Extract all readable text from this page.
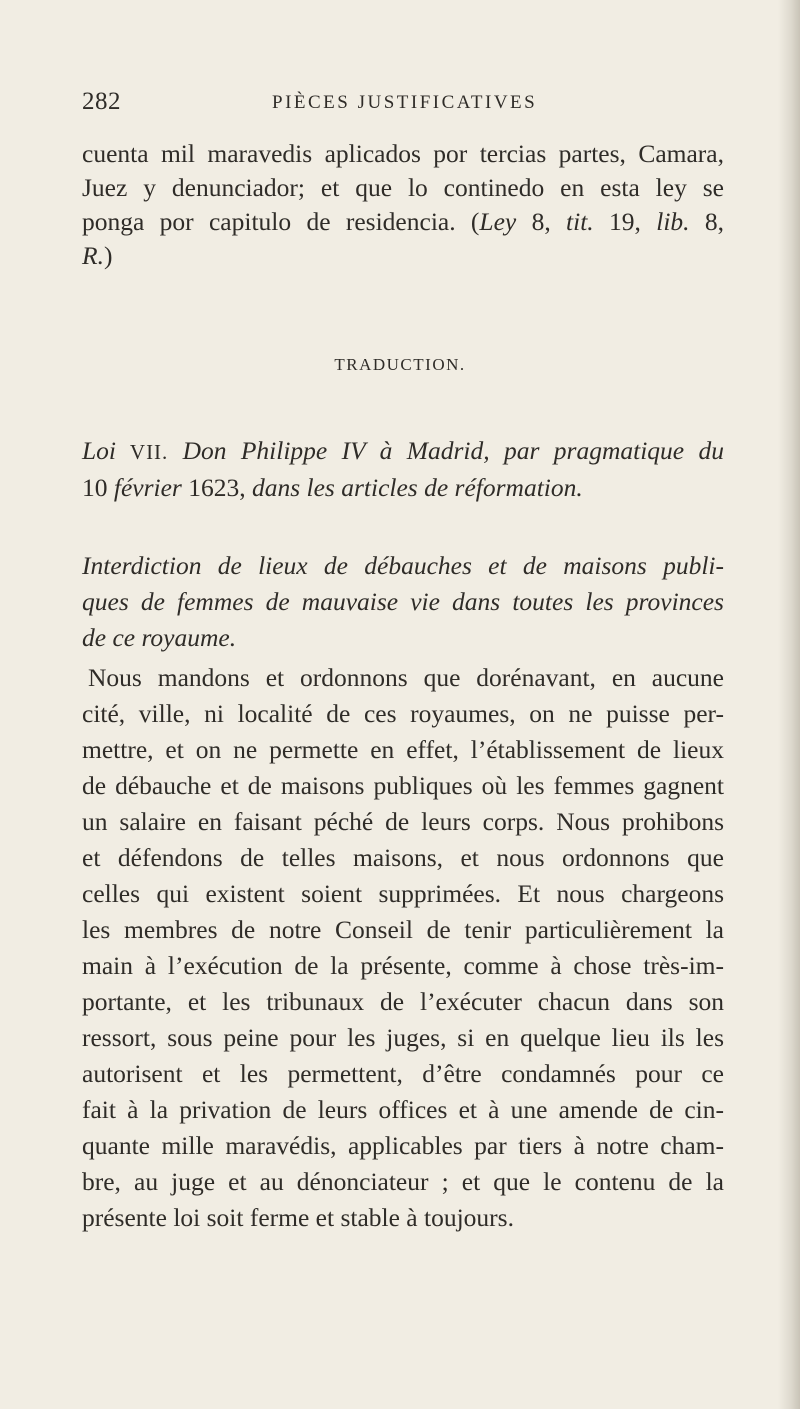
282	PIÈCES JUSTIFICATIVES
cuenta mil maravedis aplicados por tercias partes, Camara,
Juez y denunciador; et que lo continedo en esta ley se
ponga por capitulo de residencia. (Ley 8, tit. 19, lib. 8,
R.)
TRADUCTION.
Loi VII. Don Philippe IV à Madrid, par pragmatique du
10 février 1623, dans les articles de réformation.
Interdiction de lieux de débauches et de maisons publi-
ques de femmes de mauvaise vie dans toutes les provinces
de ce royaume.
Nous mandons et ordonnons que dorénavant, en aucune
cité, ville, ni localité de ces royaumes, on ne puisse per-
mettre, et on ne permette en effet, l’établissement de lieux
de débauche et de maisons publiques où les femmes gagnent
un salaire en faisant péché de leurs corps. Nous prohibons
et défendons de telles maisons, et nous ordonnons que
celles qui existent soient supprimées. Et nous chargeons
les membres de notre Conseil de tenir particulièrement la
main à l’exécution de la présente, comme à chose très-im-
portante, et les tribunaux de l’exécuter chacun dans son
ressort, sous peine pour les juges, si en quelque lieu ils les
autorisent et les permettent, d’être condamnés pour ce
fait à la privation de leurs offices et à une amende de cin-
quante mille maravédis, applicables par tiers à notre cham-
bre, au juge et au dénonciateur ; et que le contenu de la
présente loi soit ferme et stable à toujours.
